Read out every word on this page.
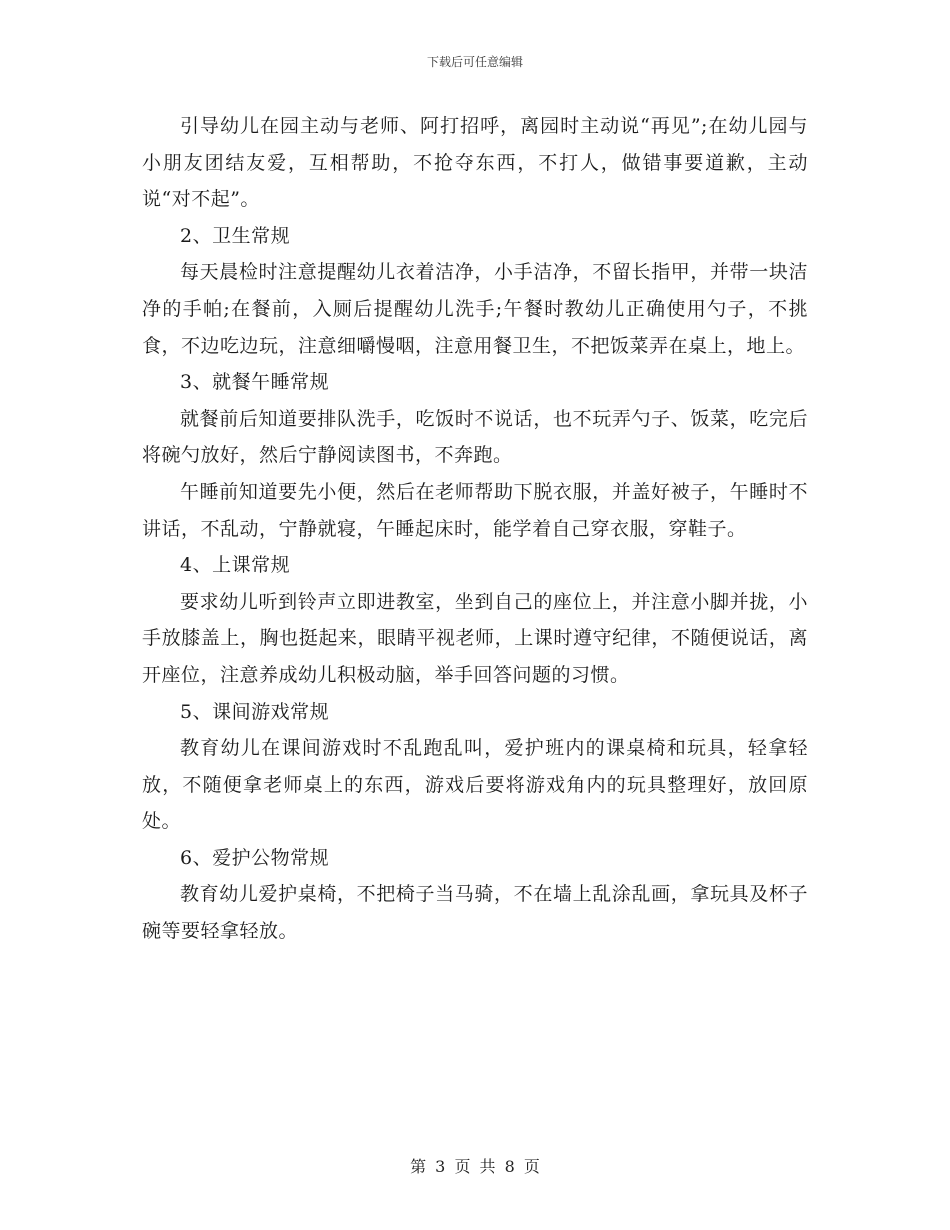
下载后可任意编辑

引导幼儿在园主动与老师、阿打招呼，离园时主动说“再见”;在幼儿园与小朋友团结友爱，互相帮助，不抢夺东西，不打人，做错事要道歉，主动说“对不起”。

2、卫生常规

每天晨检时注意提醒幼儿衣着洁净，小手洁净，不留长指甲，并带一块洁净的手帕;在餐前，入厕后提醒幼儿洗手;午餐时教幼儿正确使用勺子，不挑食，不边吃边玩，注意细嚼慢咽，注意用餐卫生，不把饭菜弄在桌上，地上。

3、就餐午睡常规

就餐前后知道要排队洗手，吃饭时不说话，也不玩弄勺子、饭菜，吃完后将碗勺放好，然后宁静阅读图书，不奔跑。

午睡前知道要先小便，然后在老师帮助下脱衣服，并盖好被子，午睡时不讲话，不乱动，宁静就寝，午睡起床时，能学着自己穿衣服，穿鞋子。

4、上课常规

要求幼儿听到铃声立即进教室，坐到自己的座位上，并注意小脚并拢，小手放膝盖上，胸也挺起来，眼睛平视老师，上课时遵守纪律，不随便说话，离开座位，注意养成幼儿积极动脑，举手回答问题的习惯。

5、课间游戏常规

教育幼儿在课间游戏时不乱跑乱叫，爱护班内的课桌椅和玩具，轻拿轻放，不随便拿老师桌上的东西，游戏后要将游戏角内的玩具整理好，放回原处。

6、爱护公物常规

教育幼儿爱护桌椅，不把椅子当马骑，不在墙上乱涂乱画，拿玩具及杯子碗等要轻拿轻放。

第 3 页 共 8 页
